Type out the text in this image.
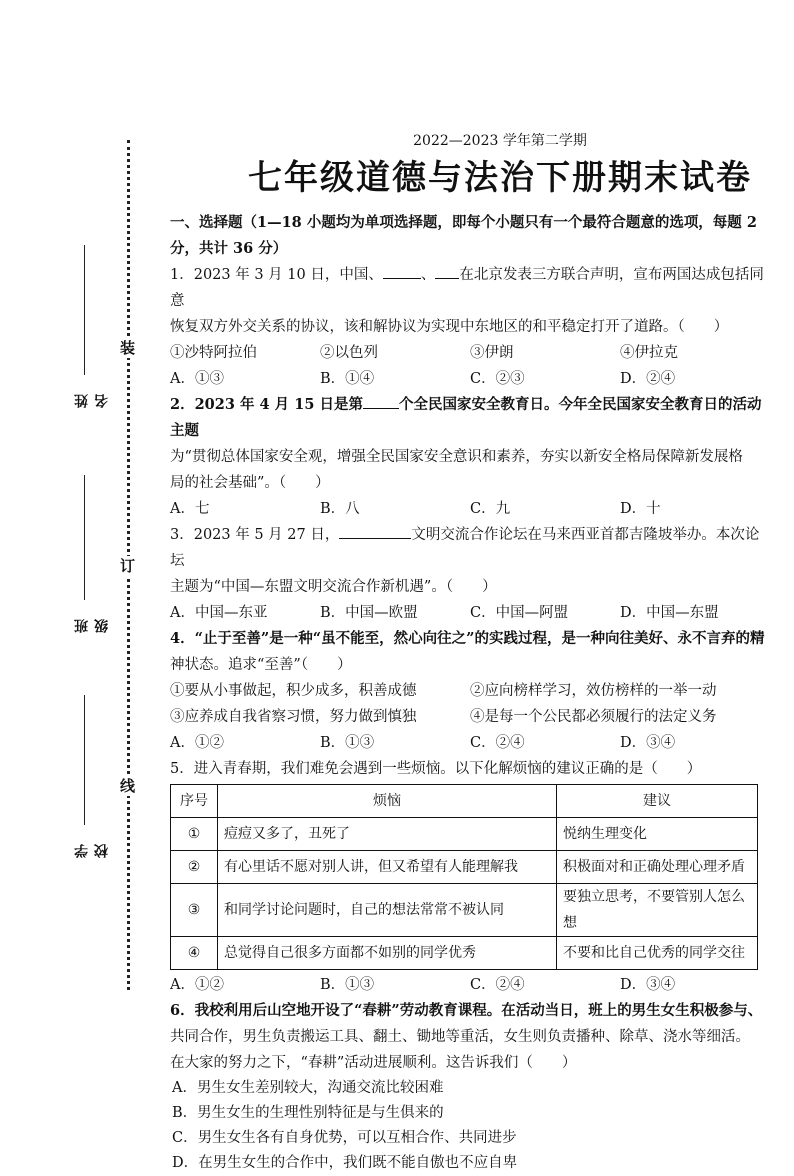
装
订
线
姓名
班级
学校
2022—2023 学年第二学期
七年级道德与法治下册期末试卷
一、选择题（1—18 小题均为单项选择题，即每个小题只有一个最符合题意的选项，每题 2
分，共计 36 分）
1．2023 年 3 月 10 日，中国、	、 在北京发表三方联合声明，宣布两国达成包括同意
恢复双方外交关系的协议，该和解协议为实现中东地区的和平稳定打开了道路。（　　）
①沙特阿拉伯	②以色列	③伊朗	④伊拉克
A．①③	B．①④	C．②③	D．②④
2．2023 年 4 月 15 日是第 个全民国家安全教育日。今年全民国家安全教育日的活动主题
为“贯彻总体国家安全观，增强全民国家安全意识和素养，夯实以新安全格局保障新发展格
局的社会基础”。（　　）
A．七	B．八	C．九	D．十
3．2023 年 5 月 27 日，	文明交流合作论坛在马来西亚首都吉隆坡举办。本次论坛
主题为“中国—东盟文明交流合作新机遇”。（　　）
A．中国—东亚	B．中国—欧盟	C．中国—阿盟	D．中国—东盟
4．“止于至善”是一种“虽不能至，然心向往之”的实践过程，是一种向往美好、永不言弃的精
神状态。追求“至善”（　　）
①要从小事做起，积少成多，积善成德	②应向榜样学习，效仿榜样的一举一动
③应养成自我省察习惯，努力做到慎独	④是每一个公民都必须履行的法定义务
A．①②	B．①③	C．②④	D．③④
5．进入青春期，我们难免会遇到一些烦恼。以下化解烦恼的建议正确的是（　　）
序号	烦恼	建议
①	痘痘又多了，丑死了	悦纳生理变化
②	有心里话不愿对别人讲，但又希望有人能理解我	积极面对和正确处理心理矛盾
③	和同学讨论问题时，自己的想法常常不被认同	要独立思考，不要管别人怎么想
④	总觉得自己很多方面都不如别的同学优秀	不要和比自己优秀的同学交往
A．①②	B．①③	C．②④	D．③④
6．我校利用后山空地开设了“春耕”劳动教育课程。在活动当日，班上的男生女生积极参与、
共同合作，男生负责搬运工具、翻土、锄地等重活，女生则负责播种、除草、浇水等细活。
在大家的努力之下，“春耕”活动进展顺利。这告诉我们（　　）
A．男生女生差别较大，沟通交流比较困难
B．男生女生的生理性别特征是与生俱来的
C．男生女生各有自身优势，可以互相合作、共同进步
D．在男生女生的合作中，我们既不能自傲也不应自卑
